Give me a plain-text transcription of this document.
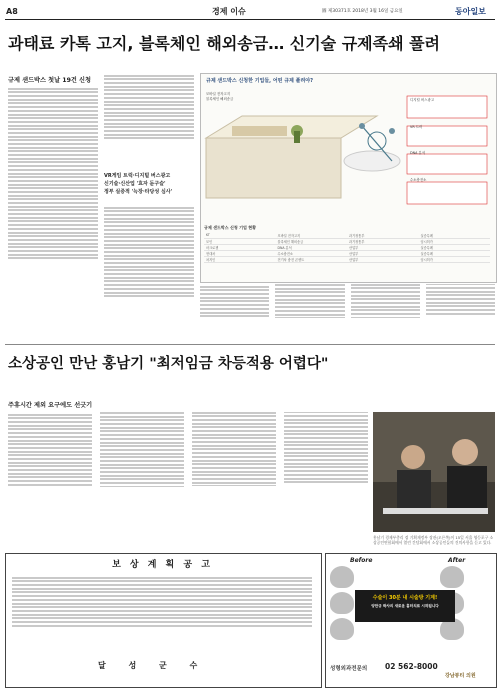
A8	경제 이슈	圖 제30371호 2018년 3월 16일 금요일	동아일보
과태료 카톡 고지, 블록체인 해외송금… 신기술 규제족쇄 풀려
규제 샌드박스 첫날 19건 신청
VR게임 트럭·디지털 버스광고
신기술·신산업 '효자 돋구슬'
정부 실증적 '늑장·타당성 심사'
규제 샌드박스 신청한 기업들, 어떤 규제 풀려야?
디지털 버스광고
VR 트럭
DNA 분석
수소충전소
모바일 전자고지
블록체인 해외송금
규제 샌드박스 신청 기업 현황
KT	모바일 전자고지	과기정통부	실증특례
모인	블록체인 해외송금	과기정통부	임시허가
마크로젠	DNA 분석	산업부	실증특례
현대차	수소충전소	산업부	실증특례
차지인	전기차 충전 콘센트	산업부	임시허가
소상공인 만난 홍남기 "최저임금 차등적용 어렵다"
주휴시간 제외 요구에도 선긋기
홍남기 경제부총리 겸 기획재정부 장관(오른쪽)이 15일 서울 영등포구 소상공인연합회에서 열린 간담회에서 소상공인들의 건의사항을 듣고 있다.
보 상 계 획 공 고
달 성 군 수
Before	After
수술이 30분 내 시술방 기계!
양만규 박사의 새로운 흉터치료 시작됩니다
성형외과전문의 02 562-8000
강남뷰티 의원
